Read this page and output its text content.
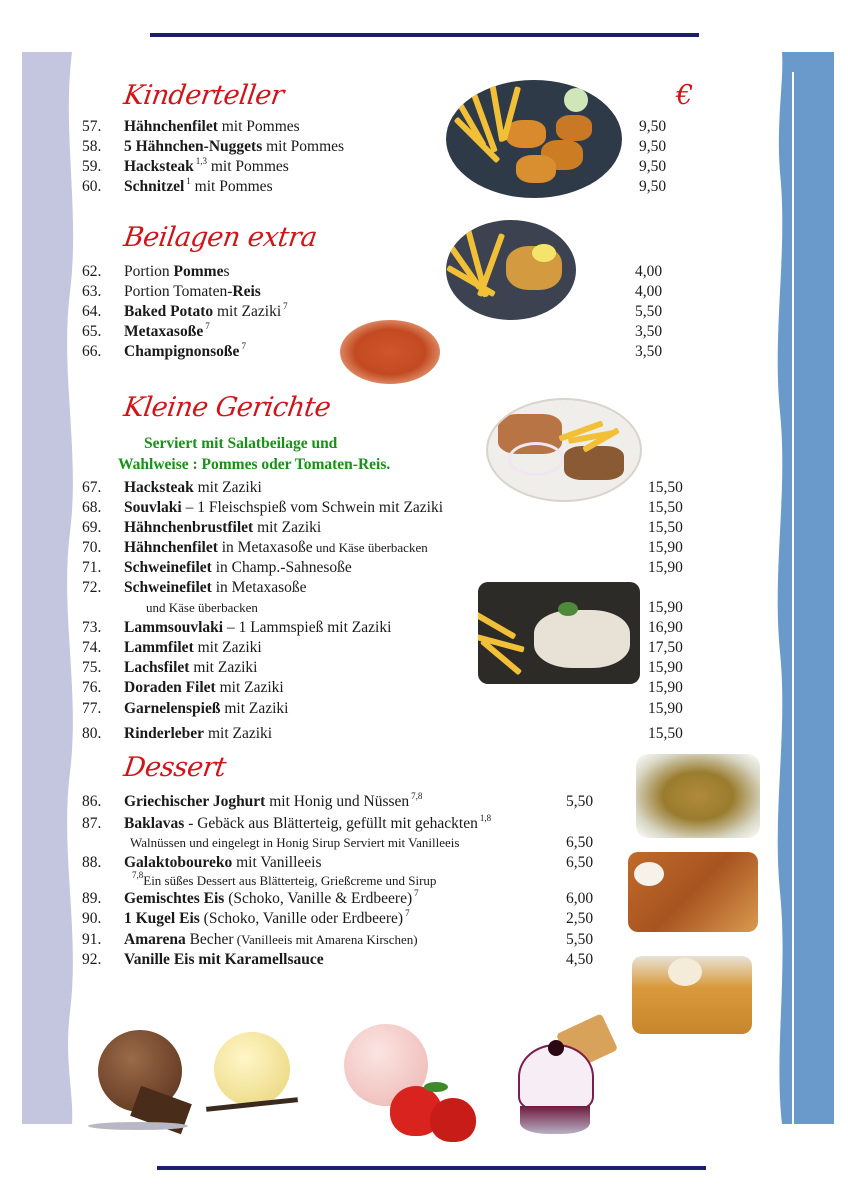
Kinderteller	€
57. Hähnchenfilet mit Pommes	9,50
58. 5 Hähnchen-Nuggets mit Pommes	9,50
59. Hacksteak $^{1,3}$ mit Pommes	9,50
60. Schnitzel $^1$ mit Pommes	9,50
Beilagen extra
62. Portion Pommes	4,00
63. Portion Tomaten-Reis	4,00
64. Baked Potato mit Zaziki $^7$	5,50
65. Metaxasoße $^7$	3,50
66. Champignonsoße $^7$	3,50
Kleine Gerichte
Serviert mit Salatbeilage und
Wahlweise : Pommes oder Tomaten-Reis.
67. Hacksteak mit Zaziki	15,50
68. Souvlaki – 1 Fleischspieß vom Schwein mit Zaziki	15,50
69. Hähnchenbrustfilet mit Zaziki	15,50
70. Hähnchenfilet in Metaxasoße und Käse überbacken	15,90
71. Schweinefilet in Champ.-Sahnesoße	15,90
72. Schweinefilet in Metaxasoße
und Käse überbacken	15,90
73. Lammsouvlaki – 1 Lammspieß mit Zaziki	16,90
74. Lammfilet mit Zaziki	17,50
75. Lachsfilet mit Zaziki	15,90
76. Doraden Filet mit Zaziki	15,90
77. Garnelenspieß mit Zaziki	15,90
80. Rinderleber mit Zaziki	15,50
Dessert
86. Griechischer Joghurt mit Honig und Nüssen $^{7,8}$	5,50
87. Baklavas - Gebäck aus Blätterteig, gefüllt mit gehackten $^{1,8}$
Walnüssen und eingelegt in Honig Sirup Serviert mit Vanilleeis	6,50
88. Galaktoboureko mit Vanilleeis	6,50
$^{7,8}$Ein süßes Dessert aus Blätterteig, Grießcreme und Sirup
89. Gemischtes Eis (Schoko, Vanille & Erdbeere) $^7$	6,00
90. 1 Kugel Eis (Schoko, Vanille oder Erdbeere) $^7$	2,50
91. Amarena Becher (Vanilleeis mit Amarena Kirschen)	5,50
92. Vanille Eis mit Karamellsauce	4,50
